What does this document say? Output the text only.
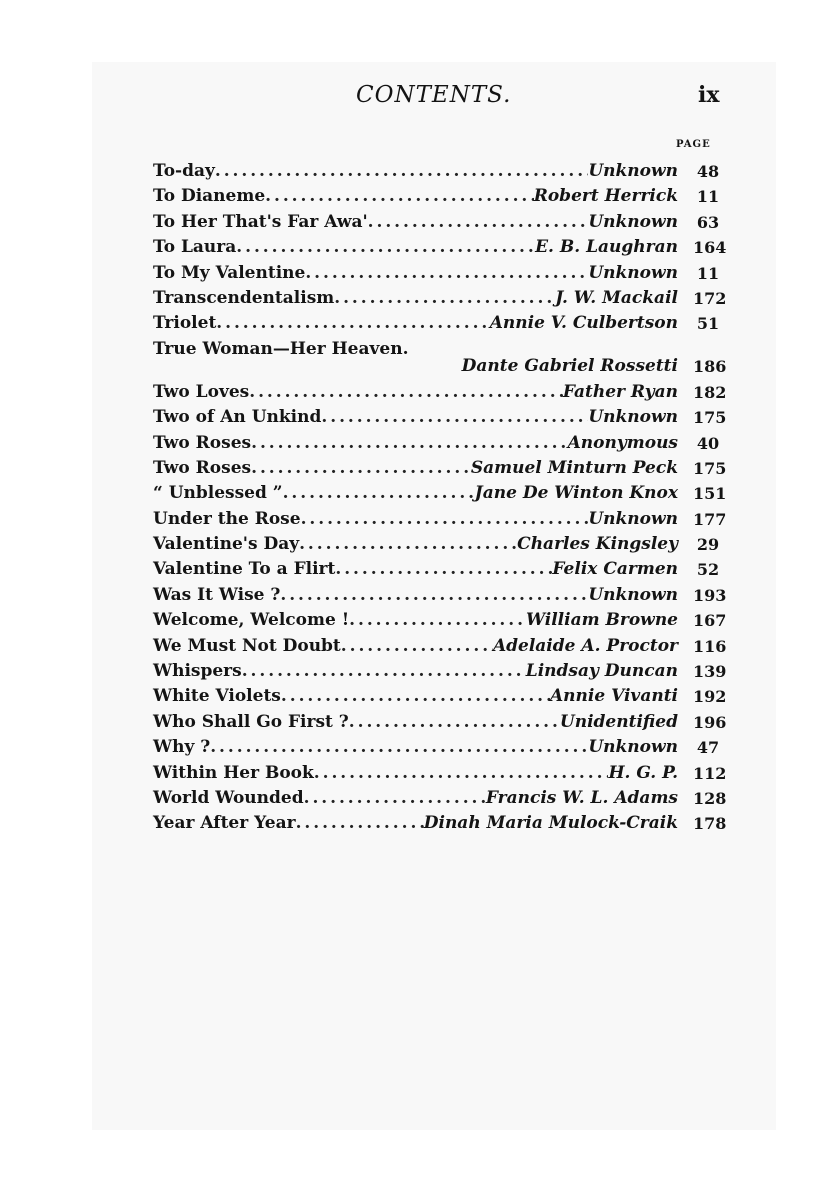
CONTENTS.	ix
PAGE
To-day . . .	Unknown 48
To Dianeme . . .	Robert Herrick 11
To Her That's Far Awa' . . .	Unknown 63
To Laura . . .	E. B. Laughran 164
To My Valentine . . .	Unknown 11
Transcendentalism . . .	J. W. Mackail 172
Triolet . . .	Annie V. Culbertson 51
True Woman—Her Heaven.
Dante Gabriel Rossetti 186
Two Loves . . .	Father Ryan 182
Two of An Unkind . . .	Unknown 175
Two Roses . . .	Anonymous 40
Two Roses . . .	Samuel Minturn Peck 175
“ Unblessed ” . . .	Jane De Winton Knox 151
Under the Rose . . .	Unknown 177
Valentine's Day . . .	Charles Kingsley 29
Valentine To a Flirt . . .	Felix Carmen 52
Was It Wise ? . . .	Unknown 193
Welcome, Welcome ! . . .	William Browne 167
We Must Not Doubt . . .	Adelaide A. Proctor 116
Whispers . . .	Lindsay Duncan 139
White Violets . . .	Annie Vivanti 192
Who Shall Go First ? . . .	Unidentified 196
Why ? . . .	Unknown 47
Within Her Book . . .	H. G. P. 112
World Wounded . . .	Francis W. L. Adams 128
Year After Year . . .	Dinah Maria Mulock-Craik 178
